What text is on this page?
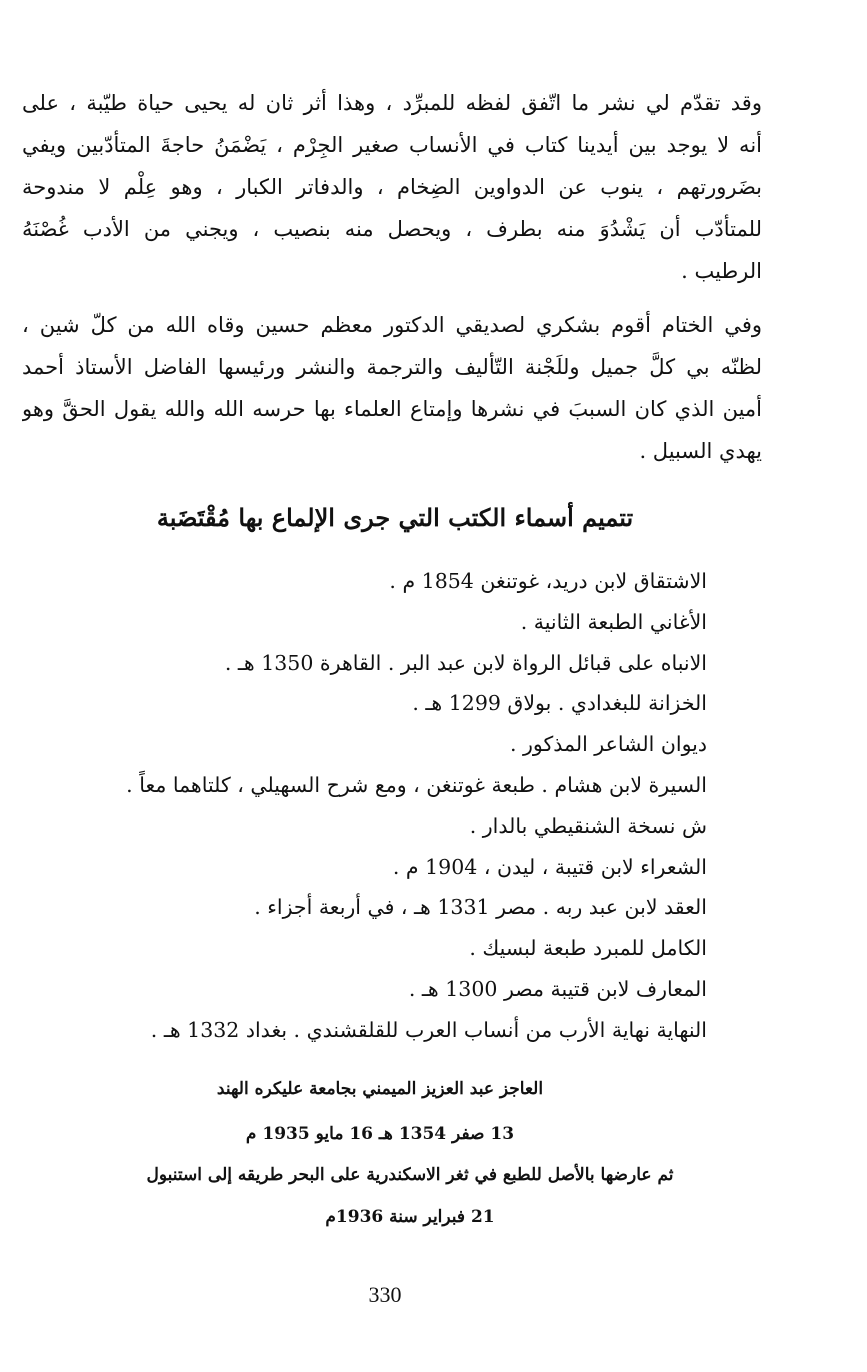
وقد تقدّم لي نشر ما اتّفق لفظه للمبرِّد ، وهذا أثر ثان له يحيى حياة طيّبة ، على
أنه لا يوجد بين أيدينا كتاب في الأنساب صغير الجِرْم ، يَضْمَنُ حاجةَ المتأدّبين ويفي
بضَرورتهم ، ينوب عن الدواوين الضِخام ، والدفاتر الكبار ، وهو عِلْم لا مندوحة
للمتأدّب أن يَشْدُوَ منه بطرف ، ويحصل منه بنصيب ، ويجني من الأدب غُصْنَهُ
الرطيب .
وفي الختام أقوم بشكري لصديقي الدكتور معظم حسين وقاه الله من كلّ شين ،
لظنّه بي كلَّ جميل وللَجْنة التّأليف والترجمة والنشر ورئيسها الفاضل الأستاذ أحمد
أمين الذي كان السببَ في نشرها وإمتاع العلماء بها حرسه الله والله يقول الحقَّ وهو
يهدي السبيل .
تتميم أسماء الكتب التي جرى الإلماع بها مُقْتَضَبة
الاشتقاق لابن دريد، غوتنغن 1854 م .
الأغاني الطبعة الثانية .
الانباه على قبائل الرواة لابن عبد البر . القاهرة 1350 هـ .
الخزانة للبغدادي . بولاق 1299 هـ .
ديوان الشاعر المذكور .
السيرة لابن هشام . طبعة غوتنغن ، ومع شرح السهيلي ، كلتاهما معاً .
ش نسخة الشنقيطي بالدار .
الشعراء لابن قتيبة ، ليدن ، 1904 م .
العقد لابن عبد ربه . مصر 1331 هـ ، في أربعة أجزاء .
الكامل للمبرد طبعة لبسيك .
المعارف لابن قتيبة مصر 1300 هـ .
النهاية نهاية الأرب من أنساب العرب للقلقشندي . بغداد 1332 هـ .
العاجز عبد العزيز الميمني بجامعة عليكره الهند
13 صفر 1354 هـ 16 مايو 1935 م
ثم عارضها بالأصل للطبع في ثغر الاسكندرية على البحر طريقه إلى استنبول
21 فبراير سنة 1936م
330
